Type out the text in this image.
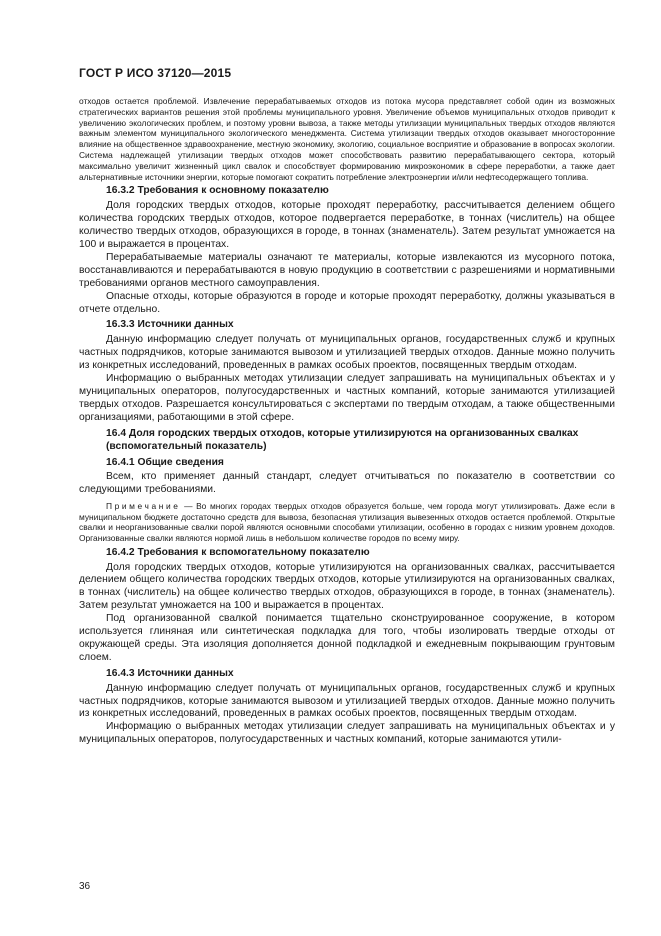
ГОСТ Р ИСО 37120—2015

отходов остается проблемой. Извлечение перерабатываемых отходов из потока мусора представляет собой один из возможных стратегических вариантов решения этой проблемы муниципального уровня. Увеличение объемов муниципальных отходов приводит к увеличению экологических проблем, и поэтому уровни вывоза, а также методы утилизации муниципальных твердых отходов являются важным элементом муниципального экологического менеджмента. Система утилизации твердых отходов оказывает многосторонние влияние на общественное здравоохранение, местную экономику, экологию, социальное восприятие и образование в вопросах экологии. Система надлежащей утилизации твердых отходов может способствовать развитию перерабатывающего сектора, который максимально увеличит жизненный цикл свалок и способствует формированию микроэкономик в сфере переработки, а также дает альтернативные источники энергии, которые помогают сократить потребление электроэнергии и/или нефтесодержащего топлива.

16.3.2 Требования к основному показателю

Доля городских твердых отходов, которые проходят переработку, рассчитывается делением общего количества городских твердых отходов, которое подвергается переработке, в тоннах (числитель) на общее количество твердых отходов, образующихся в городе, в тоннах (знаменатель). Затем результат умножается на 100 и выражается в процентах.

Перерабатываемые материалы означают те материалы, которые извлекаются из мусорного потока, восстанавливаются и перерабатываются в новую продукцию в соответствии с разрешениями и нормативными требованиями органов местного самоуправления.

Опасные отходы, которые образуются в городе и которые проходят переработку, должны указываться в отчете отдельно.

16.3.3 Источники данных

Данную информацию следует получать от муниципальных органов, государственных служб и крупных частных подрядчиков, которые занимаются вывозом и утилизацией твердых отходов. Данные можно получить из конкретных исследований, проведенных в рамках особых проектов, посвященных твердым отходам.

Информацию о выбранных методах утилизации следует запрашивать на муниципальных объектах и у муниципальных операторов, полугосударственных и частных компаний, которые занимаются утилизацией твердых отходов. Разрешается консультироваться с экспертами по твердым отходам, а также общественными организациями, работающими в этой сфере.

16.4 Доля городских твердых отходов, которые утилизируются на организованных свалках
(вспомогательный показатель)
16.4.1 Общие сведения

Всем, кто применяет данный стандарт, следует отчитываться по показателю в соответствии со следующими требованиями.

Примечание — Во многих городах твердых отходов образуется больше, чем города могут утилизировать. Даже если в муниципальном бюджете достаточно средств для вывоза, безопасная утилизация вывезенных отходов остается проблемой. Открытые свалки и неорганизованные свалки порой являются основными способами утилизации, особенно в городах с низким уровнем доходов. Организованные свалки являются нормой лишь в небольшом количестве городов по всему миру.

16.4.2 Требования к вспомогательному показателю

Доля городских твердых отходов, которые утилизируются на организованных свалках, рассчитывается делением общего количества городских твердых отходов, которые утилизируются на организованных свалках, в тоннах (числитель) на общее количество твердых отходов, образующихся в городе, в тоннах (знаменатель). Затем результат умножается на 100 и выражается в процентах.

Под организованной свалкой понимается тщательно сконструированное сооружение, в котором используется глиняная или синтетическая подкладка для того, чтобы изолировать твердые отходы от окружающей среды. Эта изоляция дополняется донной подкладкой и ежедневным покрывающим грунтовым слоем.

16.4.3 Источники данных

Данную информацию следует получать от муниципальных органов, государственных служб и крупных частных подрядчиков, которые занимаются вывозом и утилизацией твердых отходов. Данные можно получить из конкретных исследований, проведенных в рамках особых проектов, посвященных твердым отходам.

Информацию о выбранных методах утилизации следует запрашивать на муниципальных объектах и у муниципальных операторов, полугосударственных и частных компаний, которые занимаются утили-

36
